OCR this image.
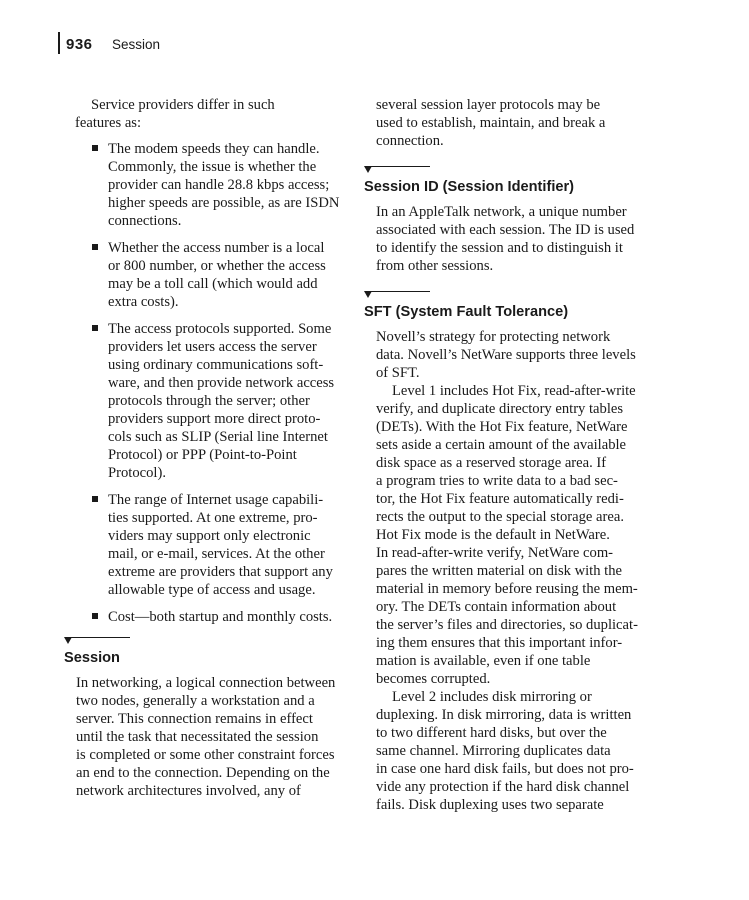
936 Session

Service providers differ in such
features as:

The modem speeds they can handle.
Commonly, the issue is whether the
provider can handle 28.8 kbps access;
higher speeds are possible, as are ISDN
connections.
Whether the access number is a local
or 800 number, or whether the access
may be a toll call (which would add
extra costs).
The access protocols supported. Some
providers let users access the server
using ordinary communications soft-
ware, and then provide network access
protocols through the server; other
providers support more direct proto-
cols such as SLIP (Serial line Internet
Protocol) or PPP (Point-to-Point
Protocol).
The range of Internet usage capabili-
ties supported. At one extreme, pro-
viders may support only electronic
mail, or e-mail, services. At the other
extreme are providers that support any
allowable type of access and usage.
Cost—both startup and monthly costs.
Session

In networking, a logical connection between
two nodes, generally a workstation and a
server. This connection remains in effect
until the task that necessitated the session
is completed or some other constraint forces
an end to the connection. Depending on the
network architectures involved, any of

several session layer protocols may be
used to establish, maintain, and break a
connection.

Session ID (Session Identifier)

In an AppleTalk network, a unique number
associated with each session. The ID is used
to identify the session and to distinguish it
from other sessions.

SFT (System Fault Tolerance)

Novell’s strategy for protecting network
data. Novell’s NetWare supports three levels
of SFT.

Level 1 includes Hot Fix, read-after-write
verify, and duplicate directory entry tables
(DETs). With the Hot Fix feature, NetWare
sets aside a certain amount of the available
disk space as a reserved storage area. If
a program tries to write data to a bad sec-
tor, the Hot Fix feature automatically redi-
rects the output to the special storage area.
Hot Fix mode is the default in NetWare.
In read-after-write verify, NetWare com-
pares the written material on disk with the
material in memory before reusing the mem-
ory. The DETs contain information about
the server’s files and directories, so duplicat-
ing them ensures that this important infor-
mation is available, even if one table
becomes corrupted.

Level 2 includes disk mirroring or
duplexing. In disk mirroring, data is written
to two different hard disks, but over the
same channel. Mirroring duplicates data
in case one hard disk fails, but does not pro-
vide any protection if the hard disk channel
fails. Disk duplexing uses two separate
